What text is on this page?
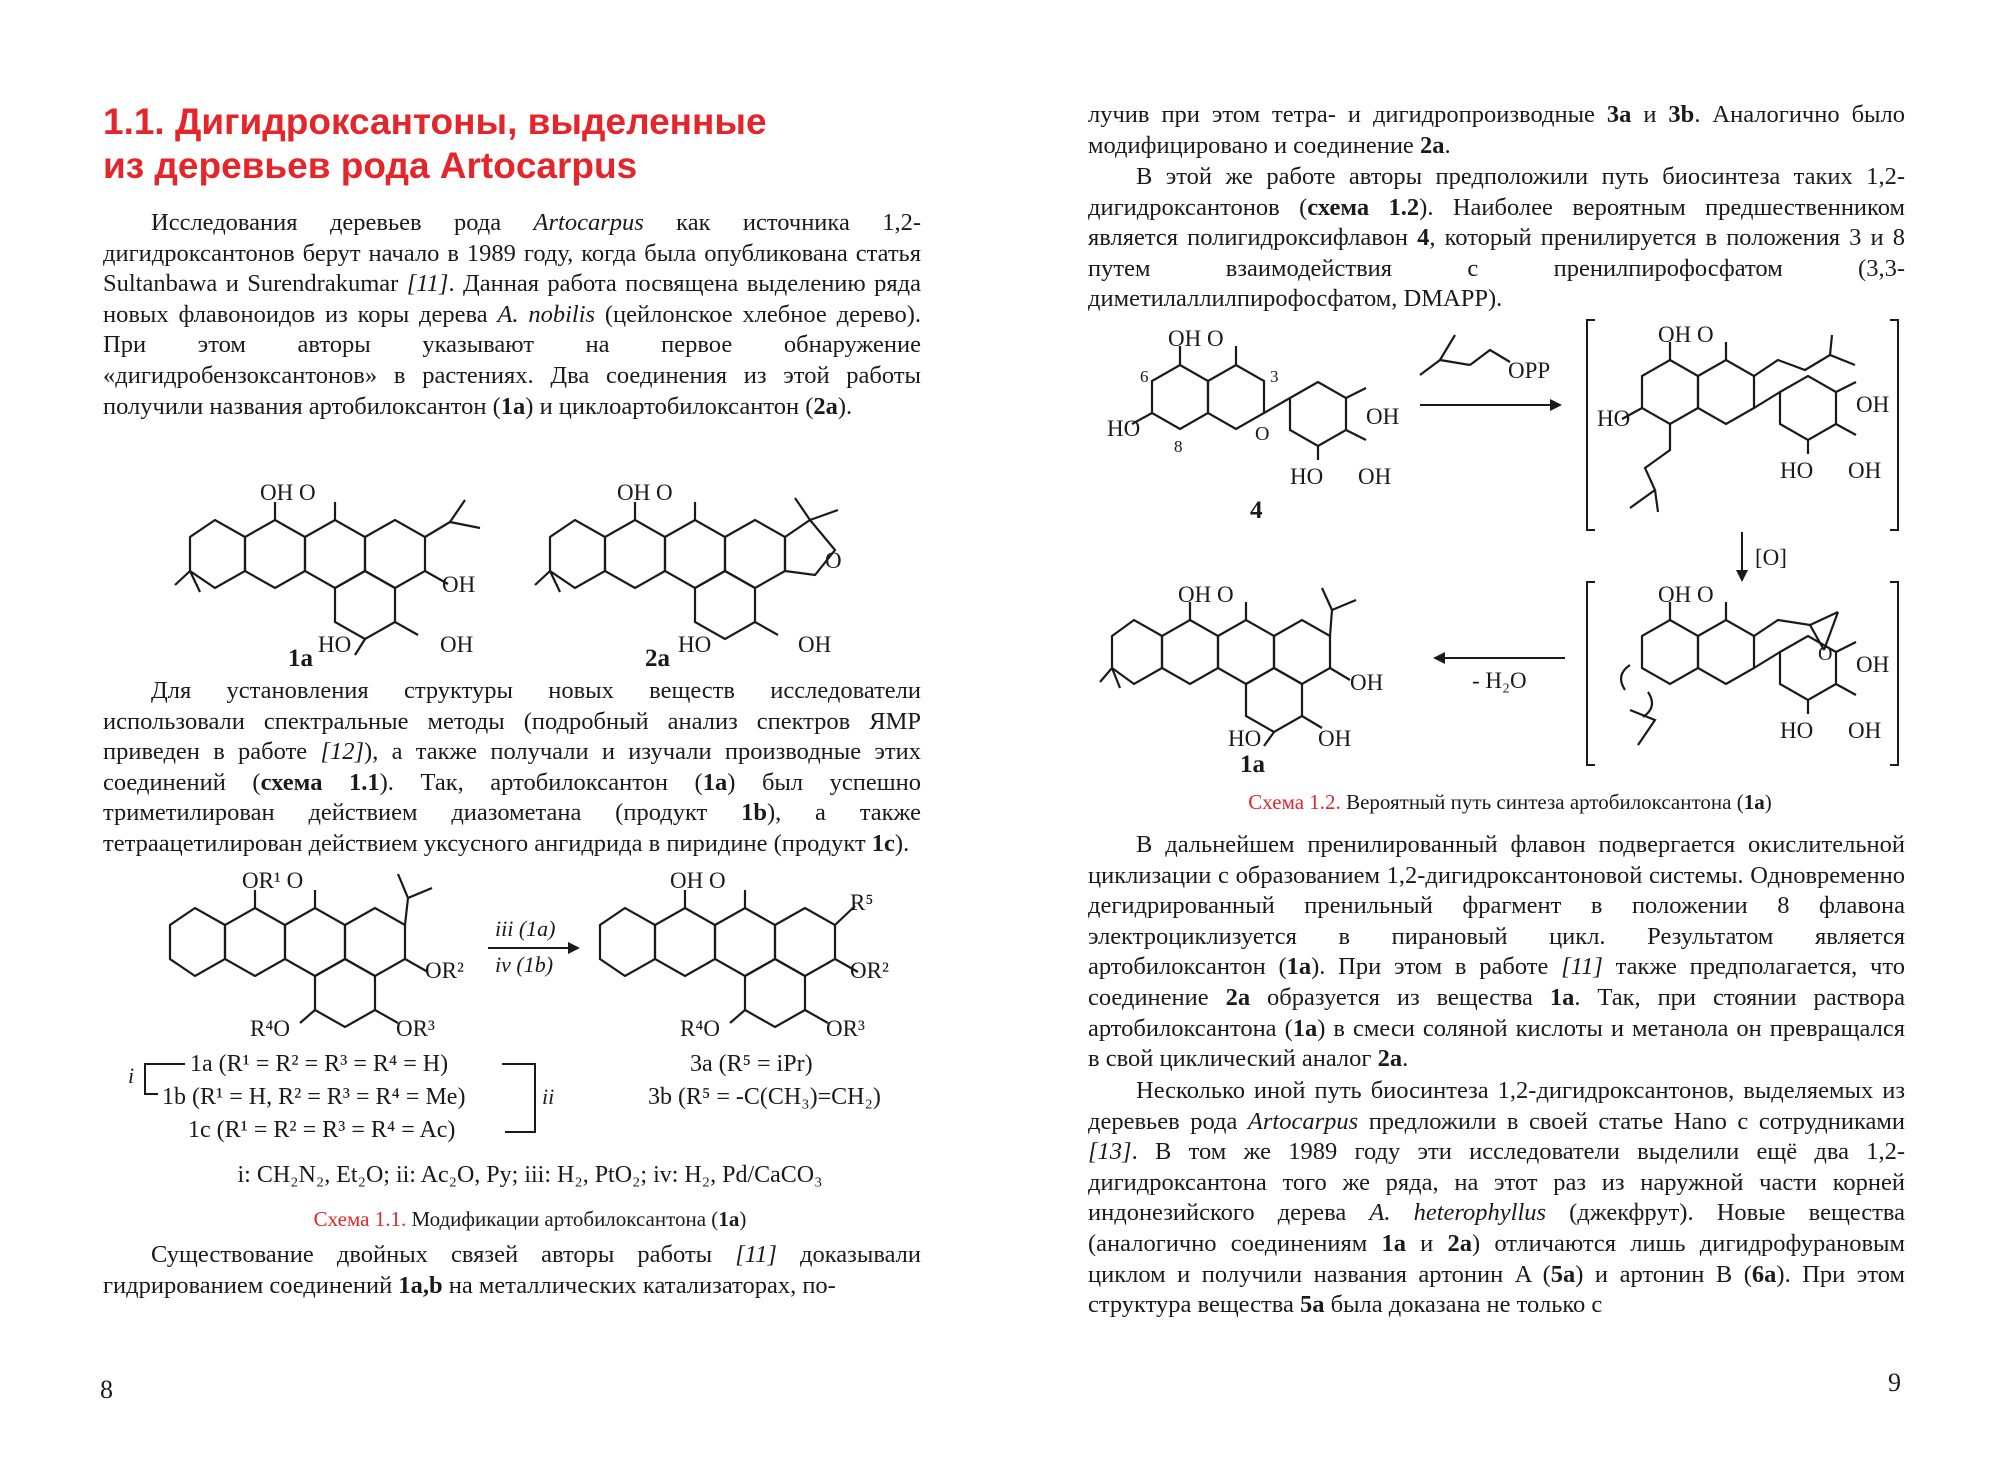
1.1. Дигидроксантоны, выделенные
из деревьев рода Artocarpus

Исследования деревьев рода Artocarpus как источника 1,2-дигидроксантонов берут начало в 1989 году, когда была опубликована статья Sultanbawa и Surendrakumar [11]. Данная работа посвящена выделению ряда новых флавоноидов из коры дерева A. nobilis (цейлонское хлебное дерево). При этом авторы указывают на первое обнаружение «дигидробензоксантонов» в растениях. Два соединения из этой работы получили названия артобилоксантон (1a) и циклоартобилоксантон (2a).

OH O
OH
HO	OH
1a
OH O
HO	OH
O
2a

Для установления структуры новых веществ исследователи использовали спектральные методы (подробный анализ спектров ЯМР приведен в работе [12]), а также получали и изучали производные этих соединений (схема 1.1). Так, артобилоксантон (1a) был успешно триметилирован действием диазометана (продукт 1b), а также тетраацетилирован действием уксусного ангидрида в пиридине (продукт 1c).

OR¹ O
OR²
R⁴O	OR³
iii (1a)
iv (1b)
OH O
R⁵
OR²
R⁴O	OR³
1a (R¹ = R² = R³ = R⁴ = H)
1b (R¹ = H, R² = R³ = R⁴ = Me)
1c (R¹ = R² = R³ = R⁴ = Ac)
i
ii
3a (R⁵ = iPr)
3b (R⁵ = -C(CH₃)=CH₂)

i: CH₂N₂, Et₂O; ii: Ac₂O, Py; iii: H₂, PtO₂; iv: H₂, Pd/CaCO₃

Схема 1.1. Модификации артобилоксантона (1a)

Существование двойных связей авторы работы [11] доказывали гидрированием соединений 1a,b на металлических катализаторах, по-

8

лучив при этом тетра- и дигидропроизводные 3a и 3b. Аналогично было модифицировано и соединение 2a.

В этой же работе авторы предположили путь биосинтеза таких 1,2-дигидроксантонов (схема 1.2). Наиболее вероятным предшественником является полигидроксифлавон 4, который пренилируется в положения 3 и 8 путем взаимодействия с пренилпирофосфатом (3,3-диметилаллилпирофосфатом, DMAPP).

OH O
6	3
8
HO	OH
HO OH
O
4
OPP
OH O
HO
OH
HO OH
[O]
OH O
O OH
HO OH
- H₂O
OH O
OH
HO OH
1a

Схема 1.2. Вероятный путь синтеза артобилоксантона (1a)

В дальнейшем пренилированный флавон подвергается окислительной циклизации с образованием 1,2-дигидроксантоновой системы. Одновременно дегидрированный пренильный фрагмент в положении 8 флавона электроциклизуется в пирановый цикл. Результатом является артобилоксантон (1a). При этом в работе [11] также предполагается, что соединение 2a образуется из вещества 1a. Так, при стоянии раствора артобилоксантона (1a) в смеси соляной кислоты и метанола он превращался в свой циклический аналог 2a.

Несколько иной путь биосинтеза 1,2-дигидроксантонов, выделяемых из деревьев рода Artocarpus предложили в своей статье Hano с сотрудниками [13]. В том же 1989 году эти исследователи выделили ещё два 1,2-дигидроксантона того же ряда, на этот раз из наружной части корней индонезийского дерева A. heterophyllus (джекфрут). Новые вещества (аналогично соединениям 1a и 2a) отличаются лишь дигидрофурановым циклом и получили названия артонин A (5a) и артонин B (6a). При этом структура вещества 5a была доказана не только с

9
